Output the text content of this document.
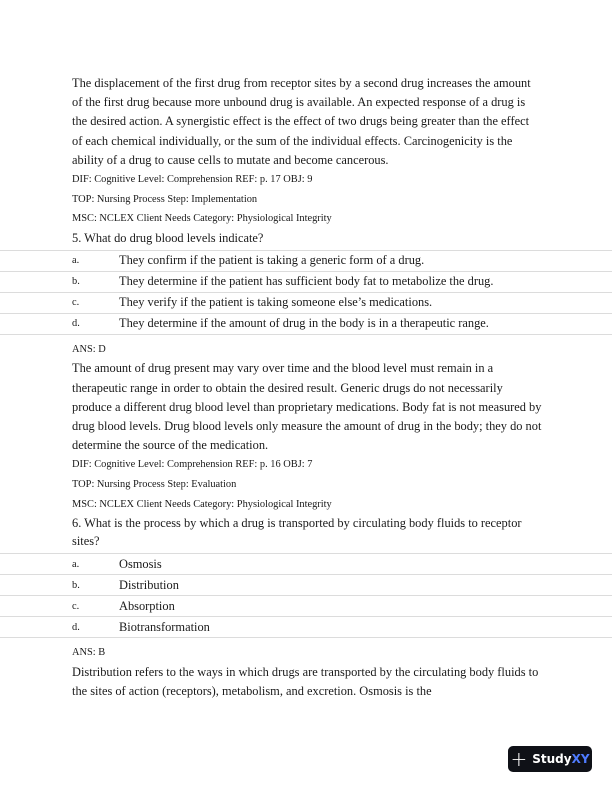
The displacement of the first drug from receptor sites by a second drug increases the amount of the first drug because more unbound drug is available. An expected response of a drug is the desired action. A synergistic effect is the effect of two drugs being greater than the effect of each chemical individually, or the sum of the individual effects. Carcinogenicity is the ability of a drug to cause cells to mutate and become cancerous.

DIF: Cognitive Level: Comprehension REF: p. 17 OBJ: 9

TOP: Nursing Process Step: Implementation

MSC: NCLEX Client Needs Category: Physiological Integrity

5. What do drug blood levels indicate?

a.	They confirm if the patient is taking a generic form of a drug.
b.	They determine if the patient has sufficient body fat to metabolize the drug.
c.	They verify if the patient is taking someone else’s medications.
d.	They determine if the amount of drug in the body is in a therapeutic range.

ANS: D

The amount of drug present may vary over time and the blood level must remain in a therapeutic range in order to obtain the desired result. Generic drugs do not necessarily produce a different drug blood level than proprietary medications. Body fat is not measured by drug blood levels. Drug blood levels only measure the amount of drug in the body; they do not determine the source of the medication.

DIF: Cognitive Level: Comprehension REF: p. 16 OBJ: 7

TOP: Nursing Process Step: Evaluation

MSC: NCLEX Client Needs Category: Physiological Integrity

6. What is the process by which a drug is transported by circulating body fluids to receptor sites?

a.	Osmosis
b.	Distribution
c.	Absorption
d.	Biotransformation

ANS: B

Distribution refers to the ways in which drugs are transported by the circulating body fluids to the sites of action (receptors), metabolism, and excretion. Osmosis is the

+ StudyXY
